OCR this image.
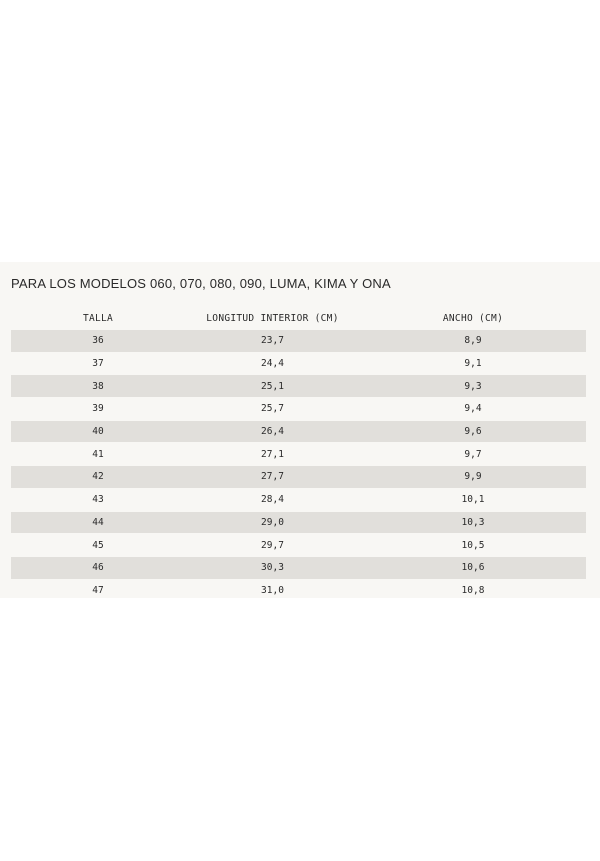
PARA LOS MODELOS 060, 070, 080, 090, LUMA, KIMA Y ONA
TALLA	LONGITUD INTERIOR (CM)	ANCHO (CM)
36	23,7	8,9
37	24,4	9,1
38	25,1	9,3
39	25,7	9,4
40	26,4	9,6
41	27,1	9,7
42	27,7	9,9
43	28,4	10,1
44	29,0	10,3
45	29,7	10,5
46	30,3	10,6
47	31,0	10,8
